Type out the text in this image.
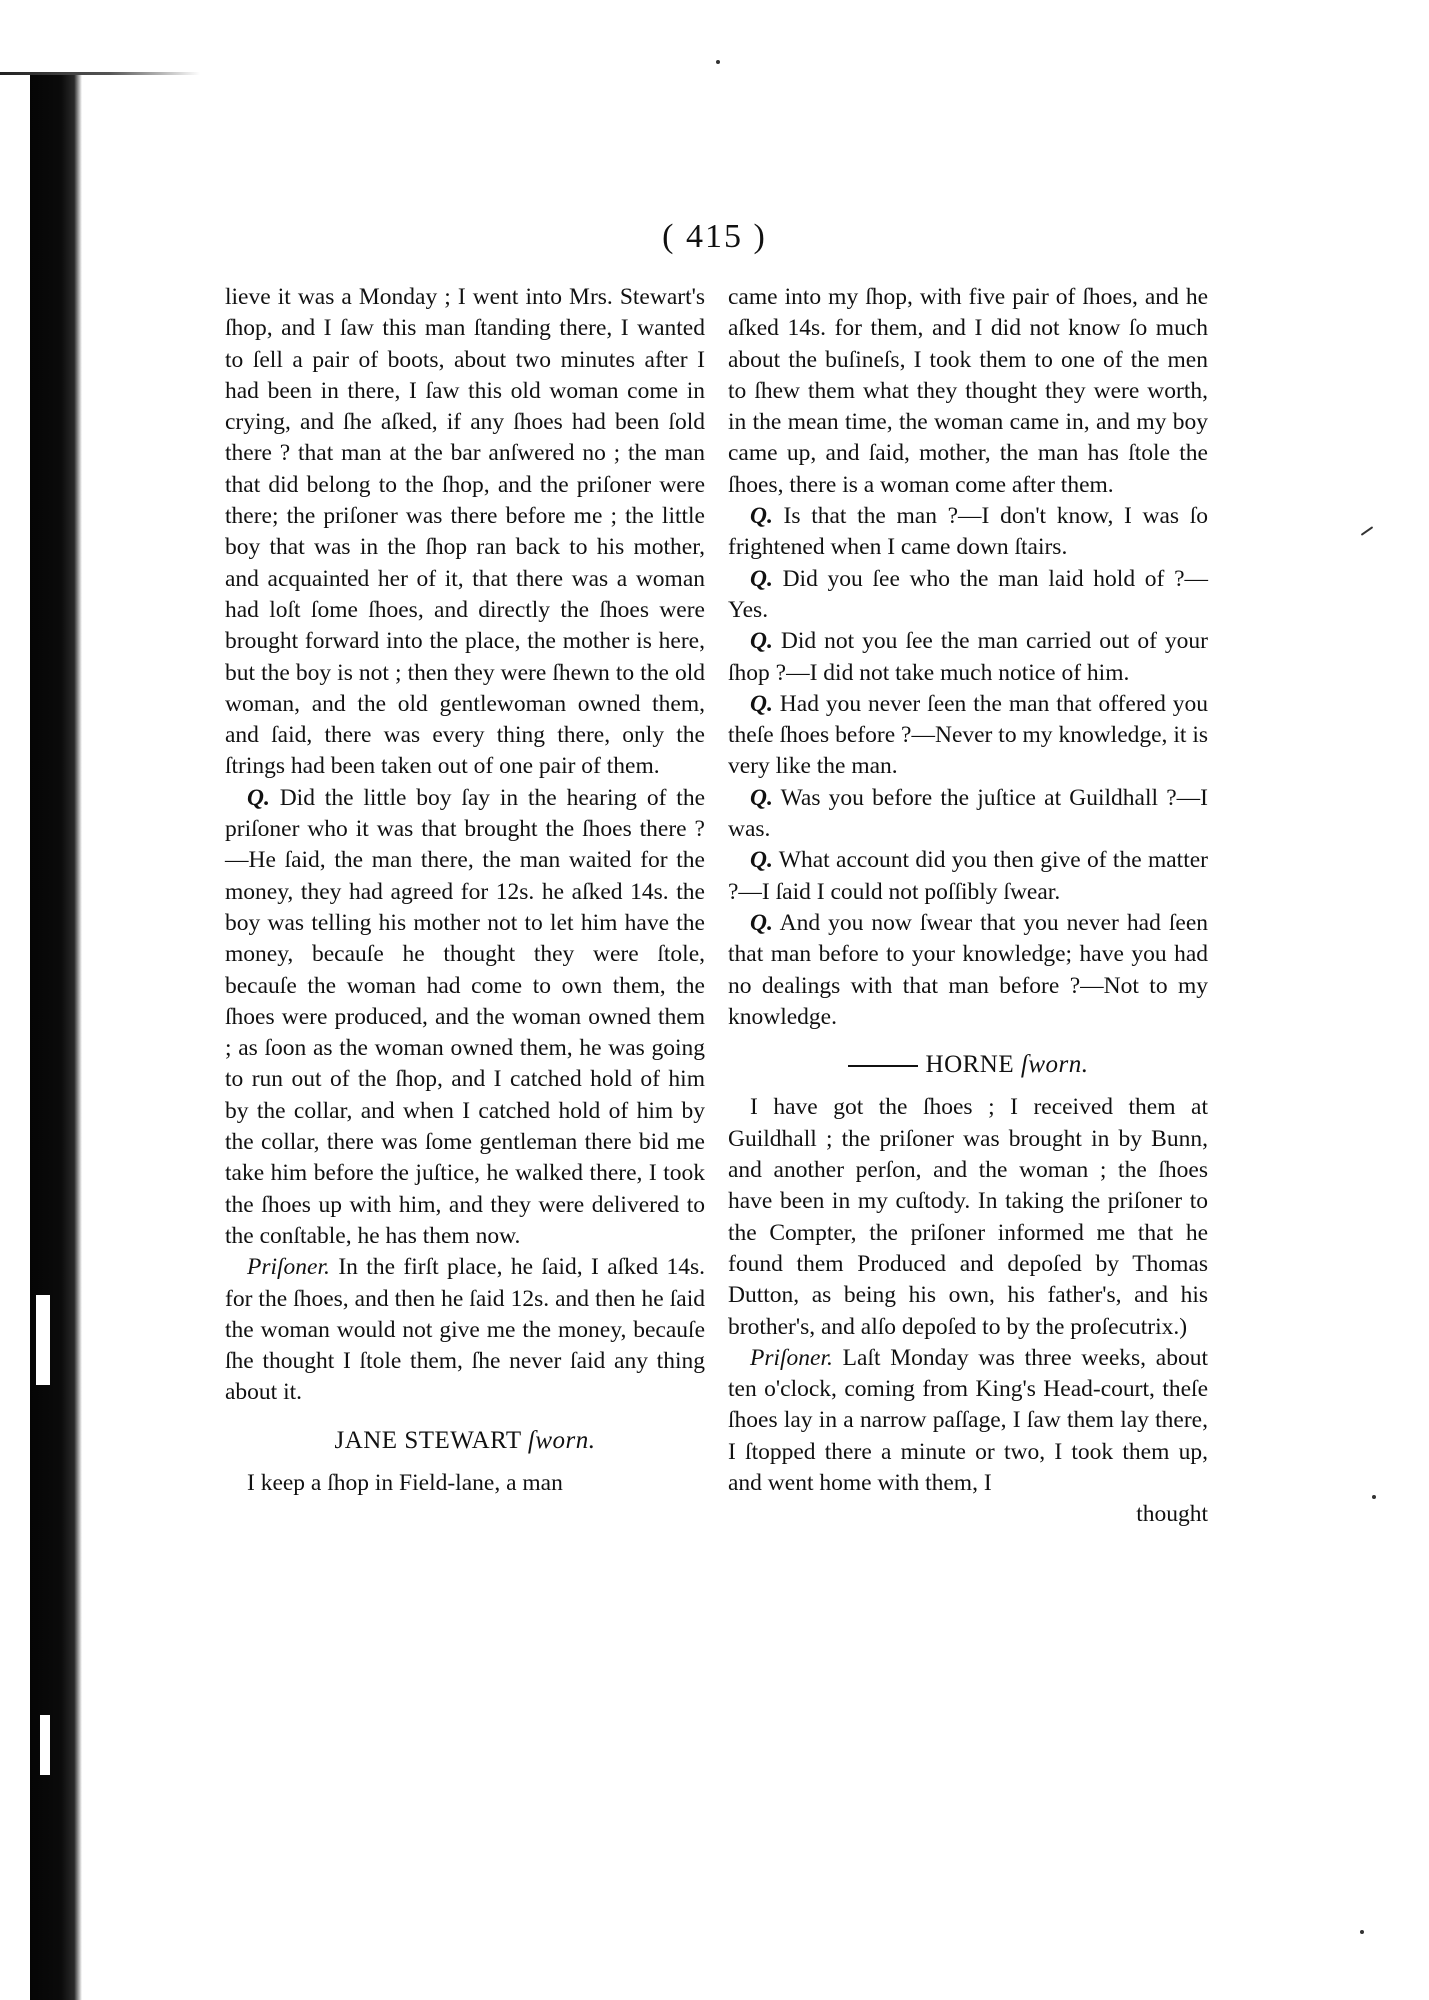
( 415 )

lieve it was a Monday ; I went into Mrs. Stewart's ſhop, and I ſaw this man ſtanding there, I wanted to ſell a pair of boots, about two minutes after I had been in there, I ſaw this old woman come in crying, and ſhe aſked, if any ſhoes had been ſold there ? that man at the bar anſwered no ; the man that did belong to the ſhop, and the priſoner were there; the priſoner was there before me ; the little boy that was in the ſhop ran back to his mother, and acquainted her of it, that there was a woman had loſt ſome ſhoes, and directly the ſhoes were brought forward into the place, the mother is here, but the boy is not ; then they were ſhewn to the old woman, and the old gentlewoman owned them, and ſaid, there was every thing there, only the ſtrings had been taken out of one pair of them.

Q. Did the little boy ſay in the hearing of the priſoner who it was that brought the ſhoes there ?—He ſaid, the man there, the man waited for the money, they had agreed for 12s. he aſked 14s. the boy was telling his mother not to let him have the money, becauſe he thought they were ſtole, becauſe the woman had come to own them, the ſhoes were produced, and the woman owned them ; as ſoon as the woman owned them, he was going to run out of the ſhop, and I catched hold of him by the collar, and when I catched hold of him by the collar, there was ſome gentleman there bid me take him before the juſtice, he walked there, I took the ſhoes up with him, and they were delivered to the conſtable, he has them now.

Priſoner. In the firſt place, he ſaid, I aſked 14s. for the ſhoes, and then he ſaid 12s. and then he ſaid the woman would not give me the money, becauſe ſhe thought I ſtole them, ſhe never ſaid any thing about it.

JANE STEWART ſworn.

I keep a ſhop in Field-lane, a man

came into my ſhop, with five pair of ſhoes, and he aſked 14s. for them, and I did not know ſo much about the buſineſs, I took them to one of the men to ſhew them what they thought they were worth, in the mean time, the woman came in, and my boy came up, and ſaid, mother, the man has ſtole the ſhoes, there is a woman come after them.

Q. Is that the man ?—I don't know, I was ſo frightened when I came down ſtairs.

Q. Did you ſee who the man laid hold of ?—Yes.

Q. Did not you ſee the man carried out of your ſhop ?—I did not take much notice of him.

Q. Had you never ſeen the man that offered you theſe ſhoes before ?—Never to my knowledge, it is very like the man.

Q. Was you before the juſtice at Guildhall ?—I was.

Q. What account did you then give of the matter ?—I ſaid I could not poſſibly ſwear.

Q. And you now ſwear that you never had ſeen that man before to your knowledge; have you had no dealings with that man before ?—Not to my knowledge.

HORNE ſworn.

I have got the ſhoes ; I received them at Guildhall ; the priſoner was brought in by Bunn, and another perſon, and the woman ; the ſhoes have been in my cuſtody. In taking the priſoner to the Compter, the priſoner informed me that he found them Produced and depoſed by Thomas Dutton, as being his own, his father's, and his brother's, and alſo depoſed to by the proſecutrix.)

Priſoner. Laſt Monday was three weeks, about ten o'clock, coming from King's Head-court, theſe ſhoes lay in a narrow paſſage, I ſaw them lay there, I ſtopped there a minute or two, I took them up, and went home with them, I

thought
